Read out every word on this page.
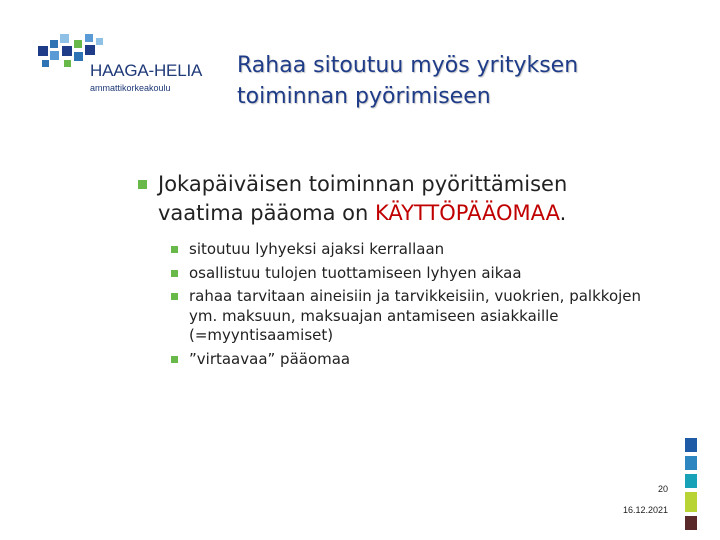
HAAGA-HELIA
ammattikorkeakoulu
Rahaa sitoutuu myös yrityksen
toiminnan pyörimiseen
Jokapäiväisen toiminnan pyörittämisen
vaatima pääoma on KÄYTTÖPÄÄOMAA.
sitoutuu lyhyeksi ajaksi kerrallaan
osallistuu tulojen tuottamiseen lyhyen aikaa
rahaa tarvitaan aineisiin ja tarvikkeisiin, vuokrien, palkkojen ym. maksuun, maksuajan antamiseen asiakkaille (=myyntisaamiset)
”virtaavaa” pääomaa
20
16.12.2021
